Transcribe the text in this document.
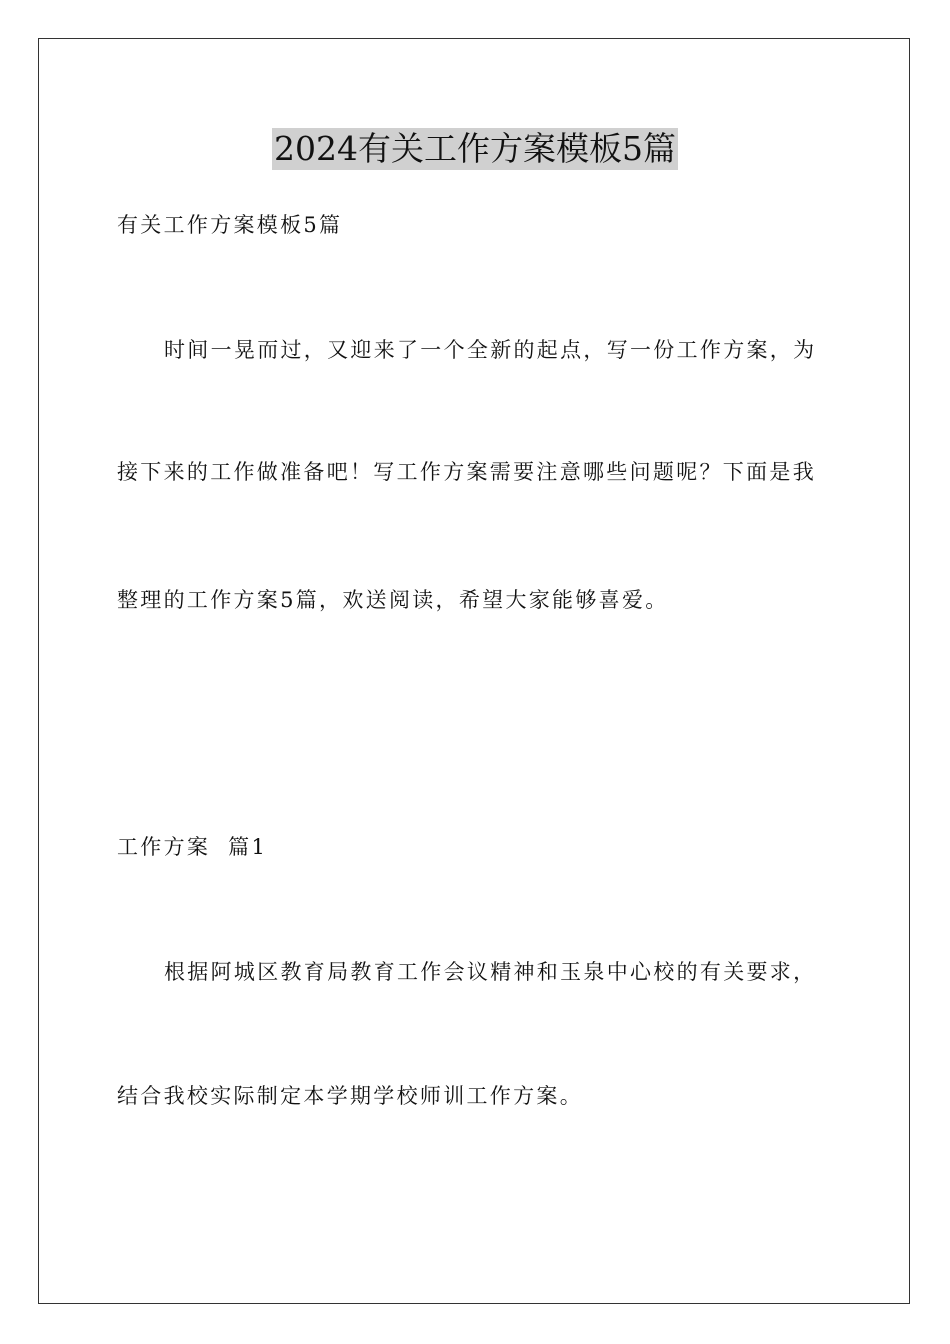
2024有关工作方案模板5篇
有关工作方案模板5篇
时间一晃而过，又迎来了一个全新的起点，写一份工作方案，为
接下来的工作做准备吧！写工作方案需要注意哪些问题呢？下面是我
整理的工作方案5篇，欢送阅读，希望大家能够喜爱。
工作方案  篇1
根据阿城区教育局教育工作会议精神和玉泉中心校的有关要求，
结合我校实际制定本学期学校师训工作方案。
